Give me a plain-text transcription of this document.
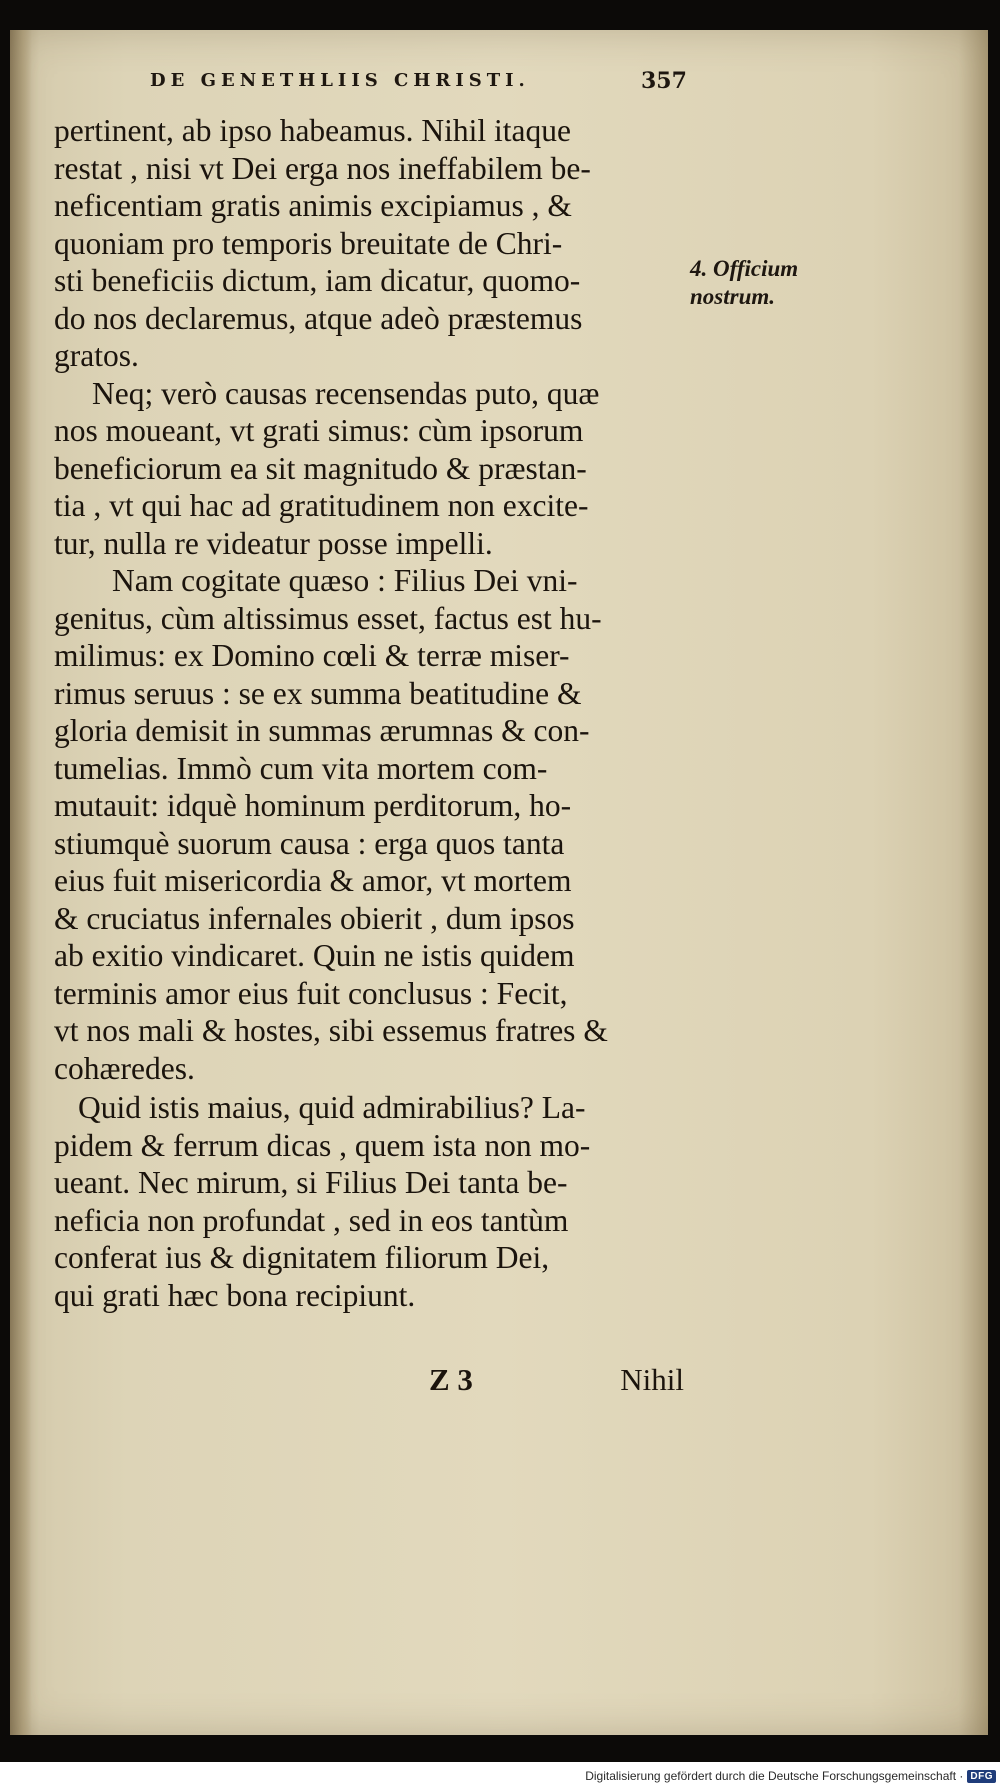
DE GENETHLIIS CHRISTI.	357
4. Officium
nostrum.
pertinent, ab ipso habeamus. Nihil itaque
restat , nisi vt Dei erga nos ineffabilem be-
neficentiam gratis animis excipiamus , &
quoniam pro temporis breuitate de Chri-
sti beneficiis dictum, iam dicatur, quomo-
do nos declaremus, atque adeò præstemus
gratos.
Neq; verò causas recensendas puto, quæ
nos moueant, vt grati simus: cùm ipsorum
beneficiorum ea sit magnitudo & præstan-
tia , vt qui hac ad gratitudinem non excite-
tur, nulla re videatur posse impelli.
Nam cogitate quæso : Filius Dei vni-
genitus, cùm altissimus esset, factus est hu-
milimus: ex Domino cœli & terræ miser-
rimus seruus : se ex summa beatitudine &
gloria demisit in summas ærumnas & con-
tumelias. Immò cum vita mortem com-
mutauit: idquè hominum perditorum, ho-
stiumquè suorum causa : erga quos tanta
eius fuit misericordia & amor, vt mortem
& cruciatus infernales obierit , dum ipsos
ab exitio vindicaret. Quin ne istis quidem
terminis amor eius fuit conclusus : Fecit,
vt nos mali & hostes, sibi essemus fratres &
cohæredes.
Quid istis maius, quid admirabilius? La-
pidem & ferrum dicas , quem ista non mo-
ueant. Nec mirum, si Filius Dei tanta be-
neficia non profundat , sed in eos tantùm
conferat ius & dignitatem filiorum Dei,
qui grati hæc bona recipiunt.
Z 3	Nihil
Digitalisierung gefördert durch die Deutsche Forschungsgemeinschaft · DFG
